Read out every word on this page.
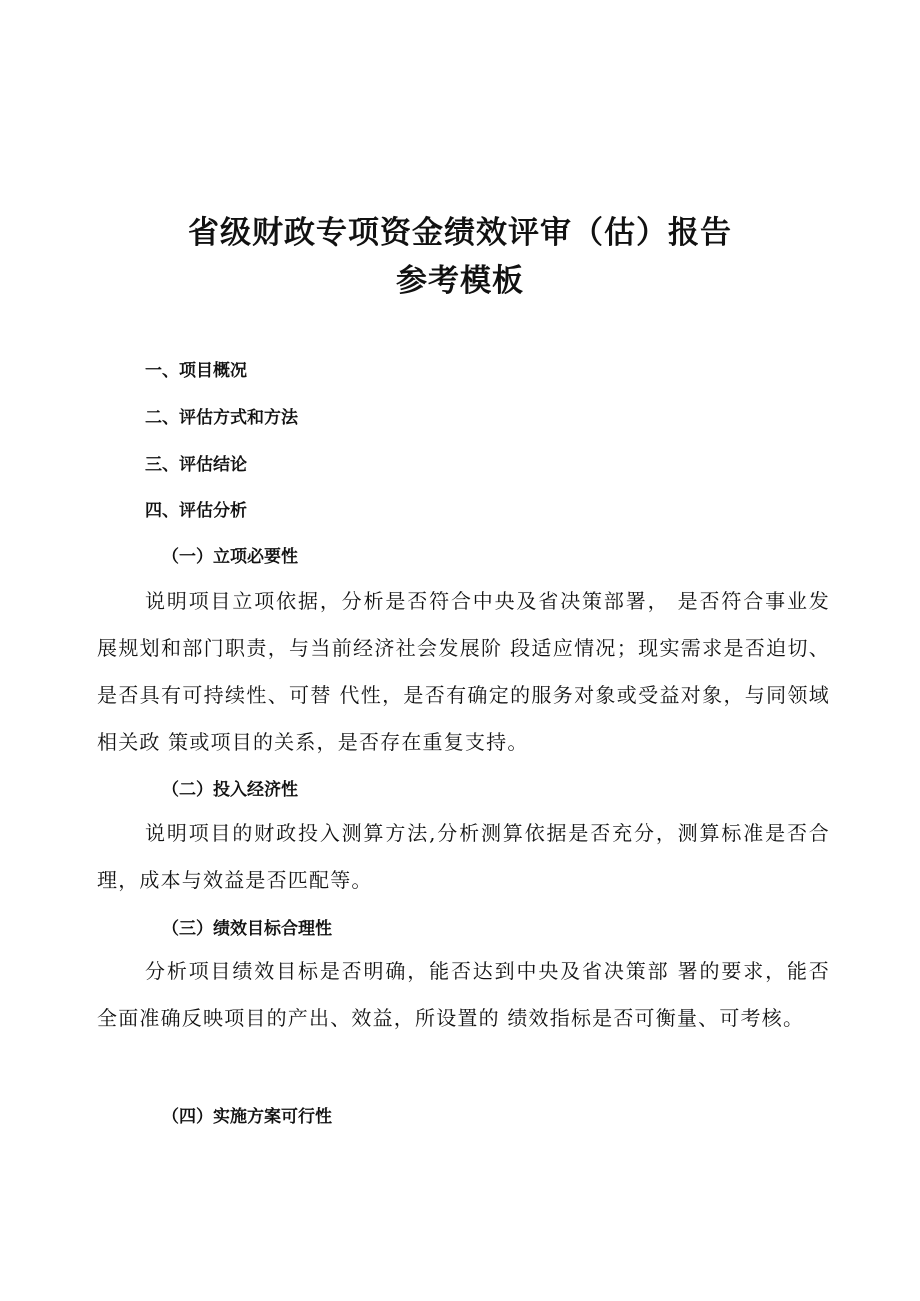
省级财政专项资金绩效评审（估）报告
参考模板

一、项目概况

二、评估方式和方法

三、评估结论

四、评估分析

（一）立项必要性

说明项目立项依据，分析是否符合中央及省决策部署， 是否符合事业发展规划和部门职责，与当前经济社会发展阶 段适应情况；现实需求是否迫切、是否具有可持续性、可替 代性，是否有确定的服务对象或受益对象，与同领域相关政 策或项目的关系，是否存在重复支持。

（二）投入经济性

说明项目的财政投入测算方法,分析测算依据是否充分，测算标准是否合理，成本与效益是否匹配等。

（三）绩效目标合理性

分析项目绩效目标是否明确，能否达到中央及省决策部 署的要求，能否全面准确反映项目的产出、效益，所设置的 绩效指标是否可衡量、可考核。

（四）实施方案可行性
